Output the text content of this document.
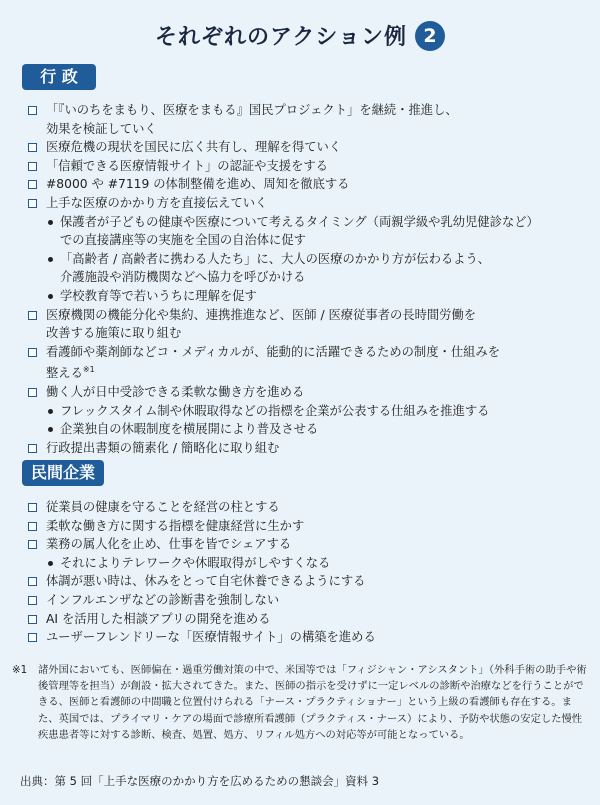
それぞれのアクション例 2
行 政
「『いのちをまもり、医療をまもる』国民プロジェクト」を継続・推進し、
効果を検証していく
医療危機の現状を国民に広く共有し、理解を得ていく
「信頼できる医療情報サイト」の認証や支援をする
#8000 や #7119 の体制整備を進め、周知を徹底する
上手な医療のかかり方を直接伝えていく
保護者が子どもの健康や医療について考えるタイミング（両親学級や乳幼児健診など）
での直接講座等の実施を全国の自治体に促す
「高齢者 / 高齢者に携わる人たち」に、大人の医療のかかり方が伝わるよう、
介護施設や消防機関などへ協力を呼びかける
学校教育等で若いうちに理解を促す
医療機関の機能分化や集約、連携推進など、医師 / 医療従事者の長時間労働を
改善する施策に取り組む
看護師や薬剤師などコ・メディカルが、能動的に活躍できるための制度・仕組みを
整える$^{※1}$
働く人が日中受診できる柔軟な働き方を進める
フレックスタイム制や休暇取得などの指標を企業が公表する仕組みを推進する
企業独自の休暇制度を横展開により普及させる
行政提出書類の簡素化 / 簡略化に取り組む
民間企業
従業員の健康を守ることを経営の柱とする
柔軟な働き方に関する指標を健康経営に生かす
業務の属人化を止め、仕事を皆でシェアする
それによりテレワークや休暇取得がしやすくなる
体調が悪い時は、休みをとって自宅休養できるようにする
インフルエンザなどの診断書を強制しない
AI を活用した相談アプリの開発を進める
ユーザーフレンドリーな「医療情報サイト」の構築を進める
※1	諸外国においても、医師偏在・過重労働対策の中で、米国等では「フィジシャン・アシスタント」（外科手術の助手や術後管理等を担当）が創設・拡大されてきた。また、医師の指示を受けずに一定レベルの診断や治療などを行うことができる、医師と看護師の中間職と位置付けられる「ナース・プラクティショナー」という上級の看護師も存在する。また、英国では、プライマリ・ケアの場面で診療所看護師（プラクティス・ナース）により、予防や状態の安定した慢性疾患患者等に対する診断、検査、処置、処方、リフィル処方への対応等が可能となっている。
出典：第 5 回「上手な医療のかかり方を広めるための懇談会」資料 3
